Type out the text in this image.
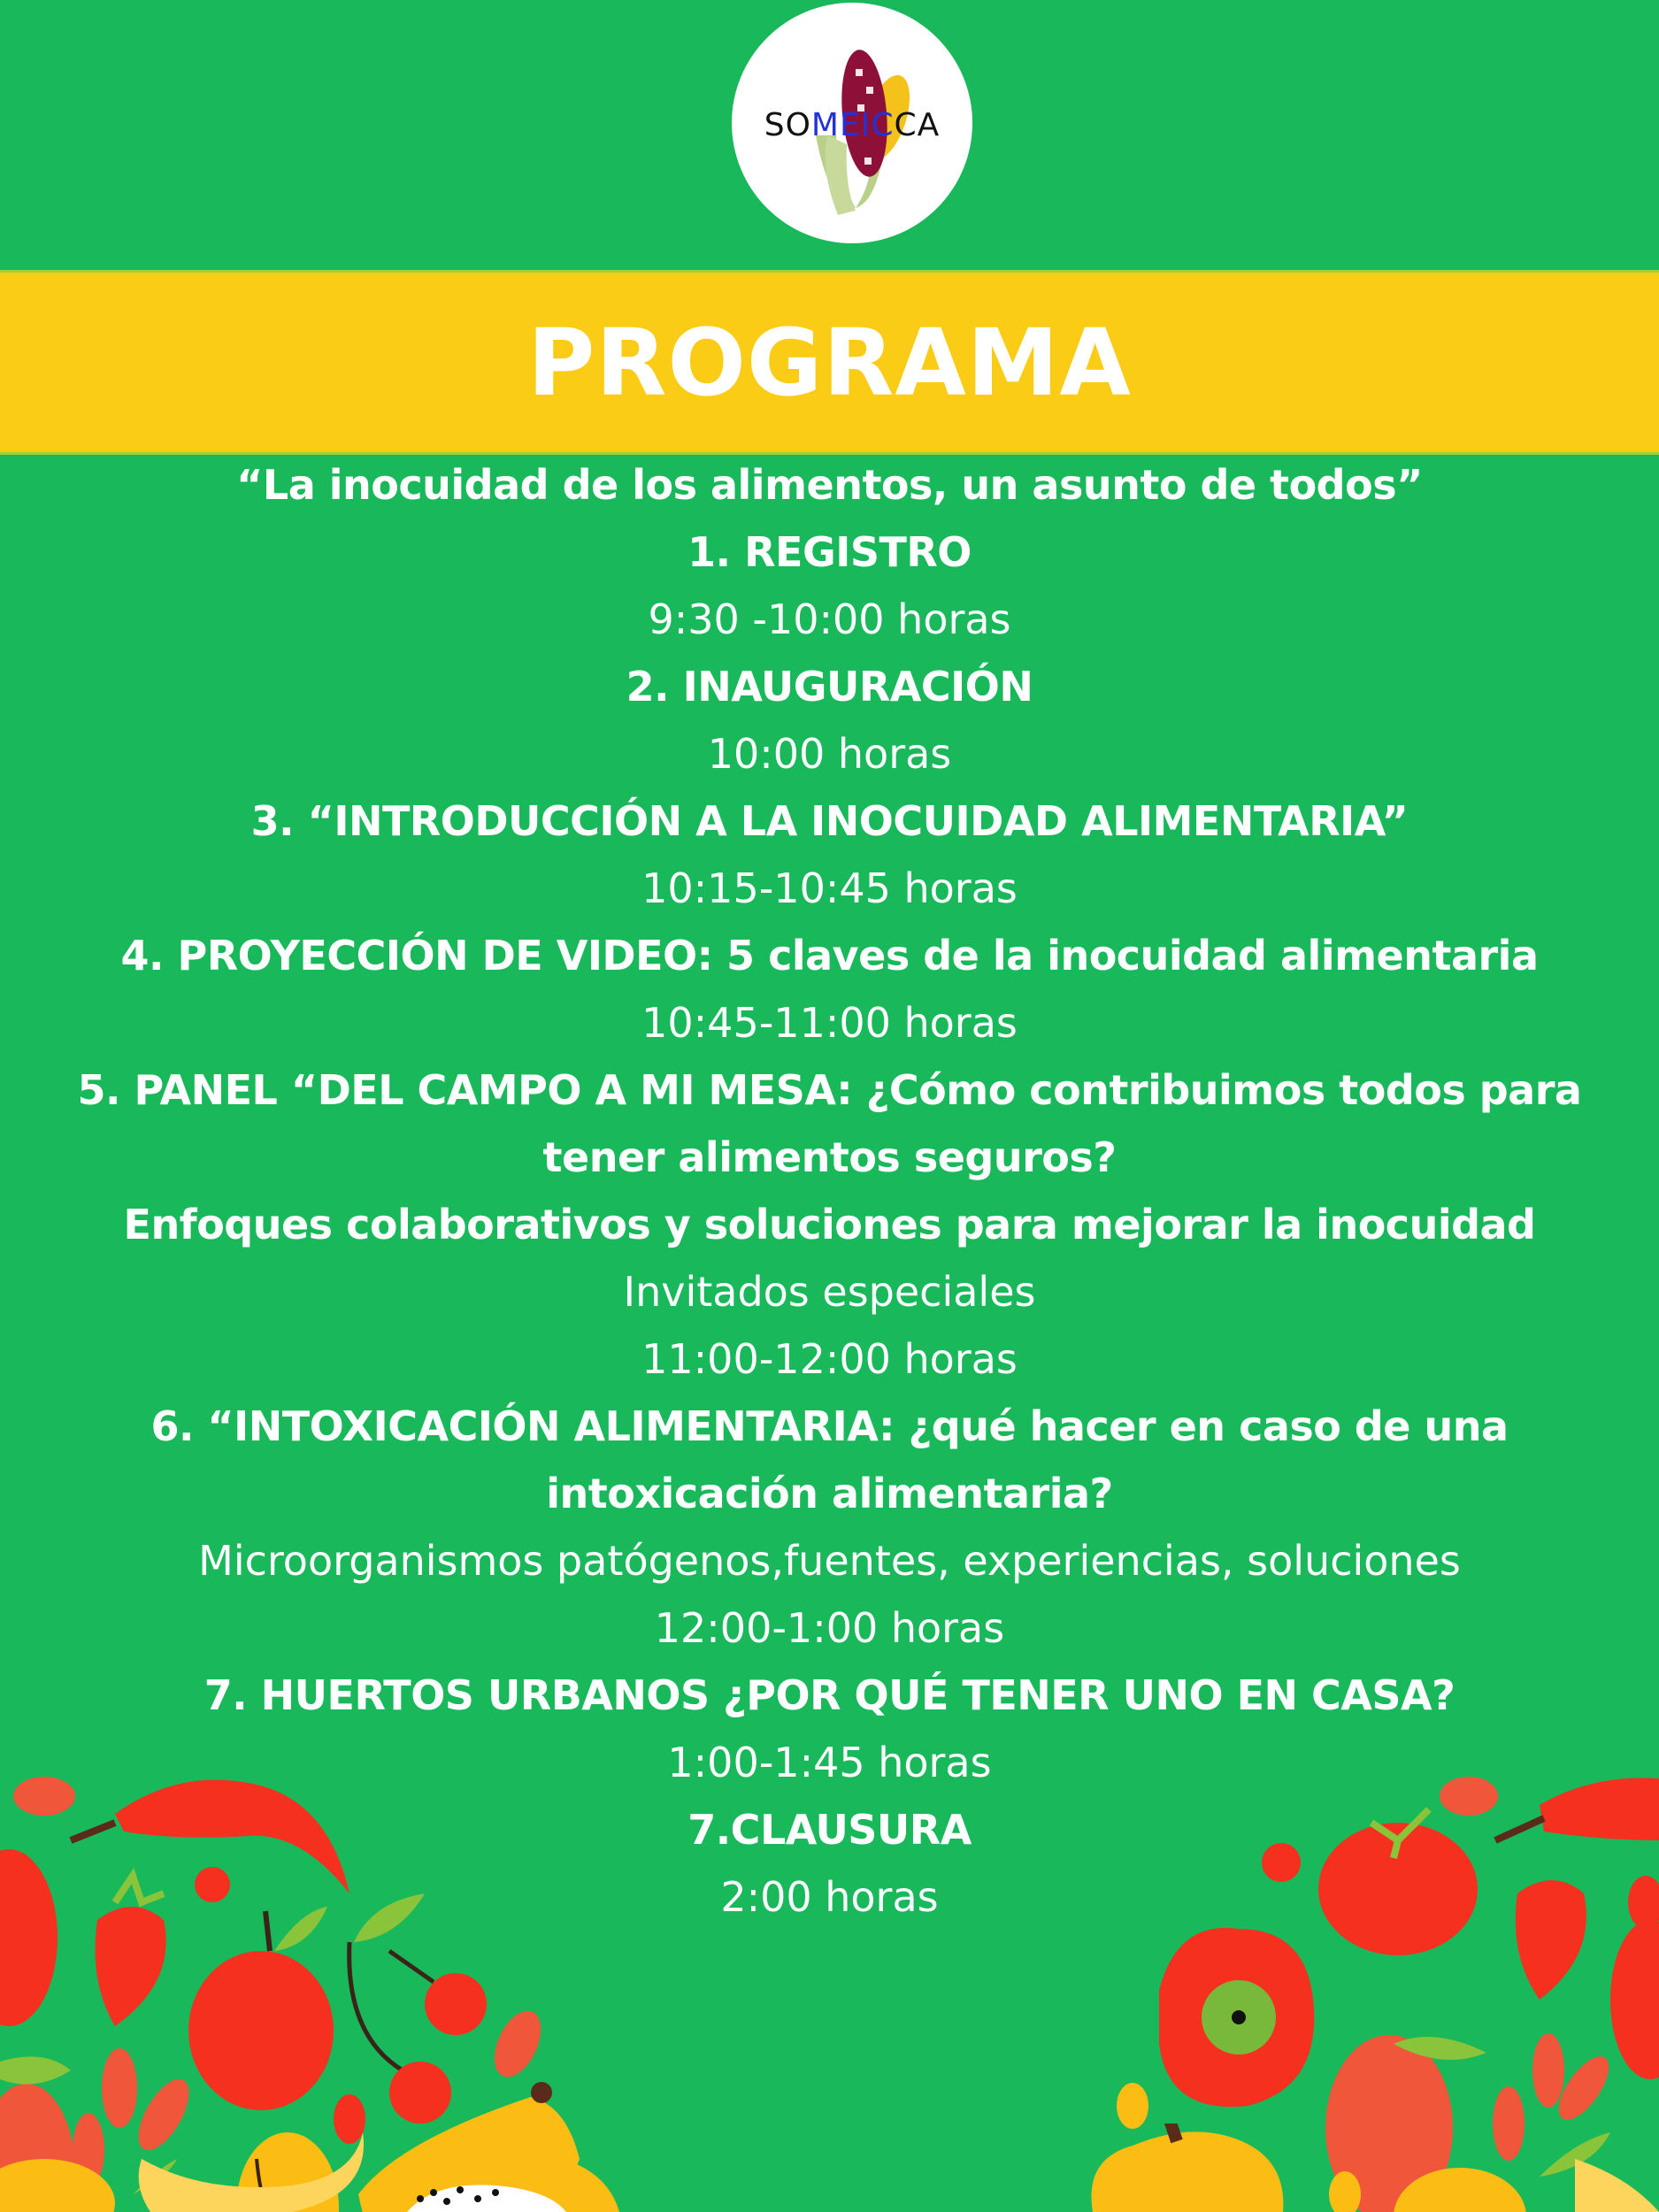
SOMEICCA
PROGRAMA
“La inocuidad de los alimentos, un asunto de todos”
1. REGISTRO
9:30 -10:00 horas
2. INAUGURACIÓN
10:00 horas
3. “INTRODUCCIÓN A LA INOCUIDAD ALIMENTARIA”
10:15-10:45 horas
4. PROYECCIÓN DE VIDEO: 5 claves de la inocuidad alimentaria
10:45-11:00 horas
5. PANEL “DEL CAMPO A MI MESA: ¿Cómo contribuimos todos para
tener alimentos seguros?
Enfoques colaborativos y soluciones para mejorar la inocuidad
Invitados especiales
11:00-12:00 horas
6. “INTOXICACIÓN ALIMENTARIA: ¿qué hacer en caso de una
intoxicación alimentaria?
Microorganismos patógenos,fuentes, experiencias, soluciones
12:00-1:00 horas
7. HUERTOS URBANOS ¿POR QUÉ TENER UNO EN CASA?
1:00-1:45 horas
7.CLAUSURA
2:00 horas
